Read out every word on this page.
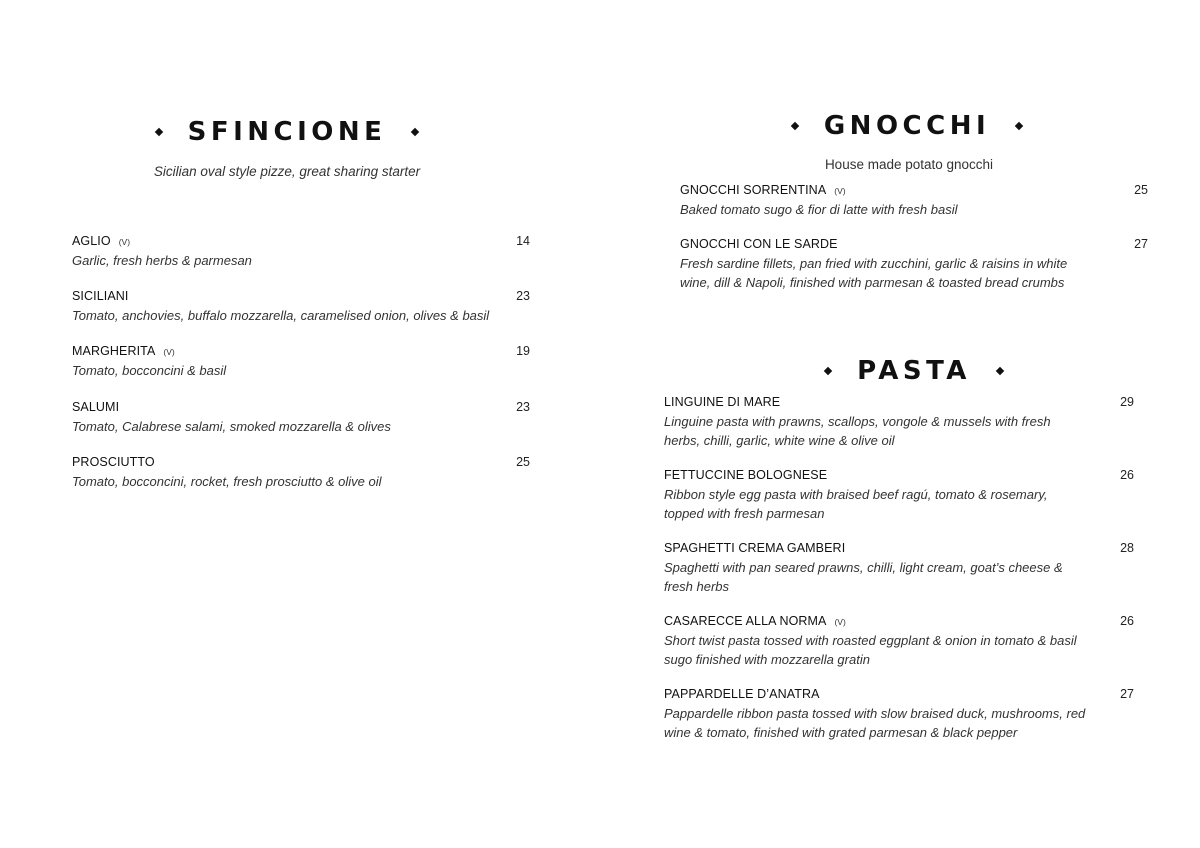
SFINCIONE
Sicilian oval style pizze, great sharing starter
AGLIO (V)	14
Garlic, fresh herbs & parmesan
SICILIANI	23
Tomato, anchovies, buffalo mozzarella, caramelised onion, olives & basil
MARGHERITA (V)	19
Tomato, bocconcini & basil
SALUMI	23
Tomato, Calabrese salami, smoked mozzarella & olives
PROSCIUTTO	25
Tomato, bocconcini, rocket, fresh prosciutto & olive oil
GNOCCHI
House made potato gnocchi
GNOCCHI SORRENTINA (V)	25
Baked tomato sugo & fior di latte with fresh basil
GNOCCHI CON LE SARDE	27
Fresh sardine fillets, pan fried with zucchini, garlic & raisins in white
wine, dill & Napoli, finished with parmesan & toasted bread crumbs
PASTA
LINGUINE DI MARE	29
Linguine pasta with prawns, scallops, vongole & mussels with fresh
herbs, chilli, garlic, white wine & olive oil
FETTUCCINE BOLOGNESE	26
Ribbon style egg pasta with braised beef ragú, tomato & rosemary,
topped with fresh parmesan
SPAGHETTI CREMA GAMBERI	28
Spaghetti with pan seared prawns, chilli, light cream, goat’s cheese &
fresh herbs
CASARECCE ALLA NORMA (V)	26
Short twist pasta tossed with roasted eggplant & onion in tomato & basil
sugo finished with mozzarella gratin
PAPPARDELLE D’ANATRA	27
Pappardelle ribbon pasta tossed with slow braised duck, mushrooms, red
wine & tomato, finished with grated parmesan & black pepper
